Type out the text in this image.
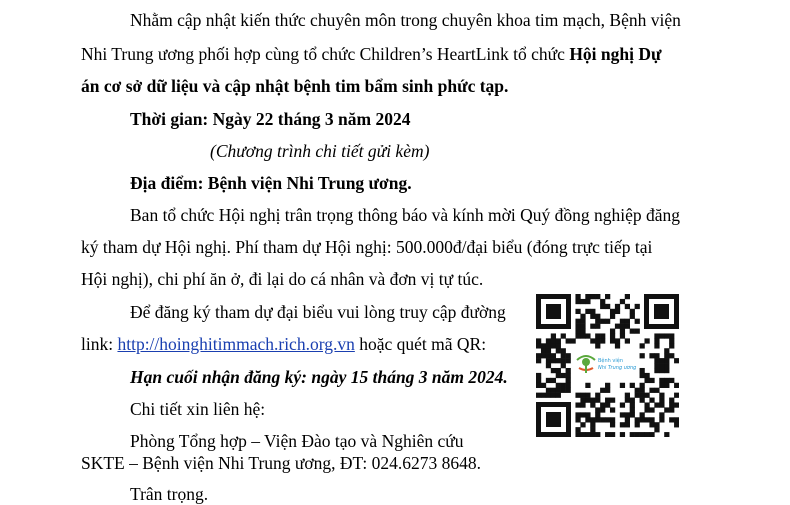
Nhằm cập nhật kiến thức chuyên môn trong chuyên khoa tim mạch, Bệnh viện
Nhi Trung ương phối hợp cùng tổ chức Children’s HeartLink tổ chức Hội nghị Dự
án cơ sở dữ liệu và cập nhật bệnh tim bẩm sinh phức tạp.
Thời gian: Ngày 22 tháng 3 năm 2024
(Chương trình chi tiết gửi kèm)
Địa điểm: Bệnh viện Nhi Trung ương.
Ban tổ chức Hội nghị trân trọng thông báo và kính mời Quý đồng nghiệp đăng
ký tham dự Hội nghị. Phí tham dự Hội nghị: 500.000đ/đại biểu (đóng trực tiếp tại
Hội nghị), chi phí ăn ở, đi lại do cá nhân và đơn vị tự túc.
Để đăng ký tham dự đại biểu vui lòng truy cập đường
link: http://hoinghitimmach.rich.org.vn hoặc quét mã QR:
Hạn cuối nhận đăng ký: ngày 15 tháng 3 năm 2024.
Chi tiết xin liên hệ:
Phòng Tổng hợp – Viện Đào tạo và Nghiên cứu
SKTE – Bệnh viện Nhi Trung ương, ĐT: 024.6273 8648.
Trân trọng.
Bệnh viện
Nhi Trung ương
